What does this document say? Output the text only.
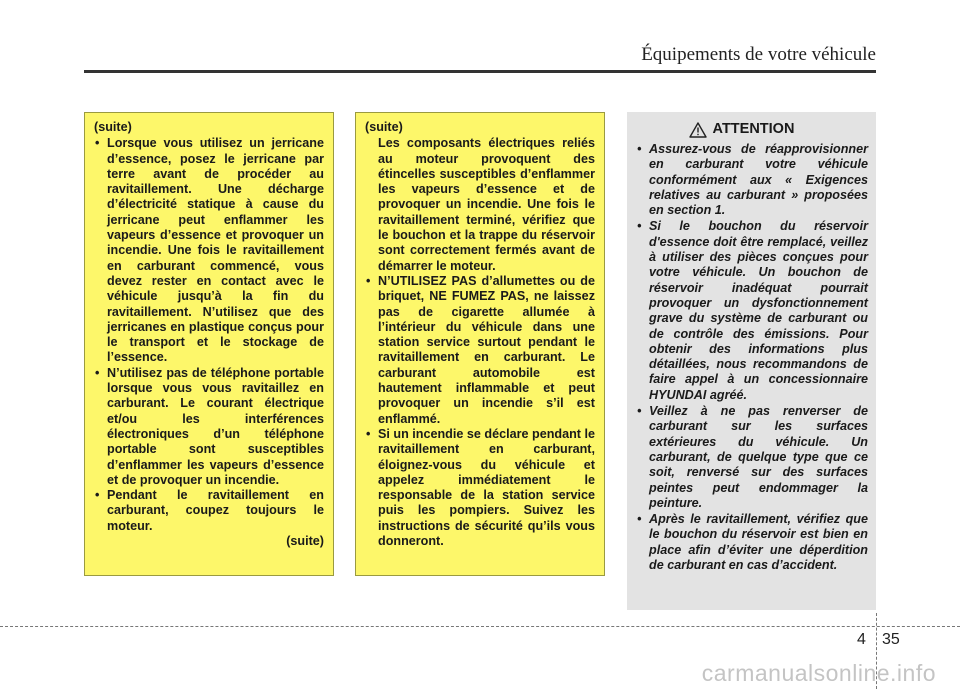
Équipements de votre véhicule
(suite)
• Lorsque vous utilisez un jerricane d’essence, posez le jerricane par terre avant de procéder au ravitaillement. Une décharge d’électricité statique à cause du jerricane peut enflammer les vapeurs d’essence et provoquer un incendie. Une fois le ravitaillement en carburant commencé, vous devez rester en contact avec le véhicule jusqu’à la fin du ravitaillement. N’utilisez que des jerricanes en plastique conçus pour le transport et le stockage de l’essence.
• N’utilisez pas de téléphone portable lorsque vous vous ravitaillez en carburant. Le courant électrique et/ou les interférences électroniques d’un téléphone portable sont susceptibles d’enflammer les vapeurs d’essence et de provoquer un incendie.
• Pendant le ravitaillement en carburant, coupez toujours le moteur.
(suite)
(suite)
Les composants électriques reliés au moteur provoquent des étincelles susceptibles d’enflammer les vapeurs d’essence et de provoquer un incendie. Une fois le ravitaillement terminé, vérifiez que le bouchon et la trappe du réservoir sont correctement fermés avant de démarrer le moteur.
• N’UTILISEZ PAS d’allumettes ou de briquet, NE FUMEZ PAS, ne laissez pas de cigarette allumée à l’intérieur du véhicule dans une station service surtout pendant le ravitaillement en carburant. Le carburant automobile est hautement inflammable et peut provoquer un incendie s’il est enflammé.
• Si un incendie se déclare pendant le ravitaillement en carburant, éloignez-vous du véhicule et appelez immédiatement le responsable de la station service puis les pompiers. Suivez les instructions de sécurité qu’ils vous donneront.
ATTENTION
• Assurez-vous de réapprovisionner en carburant votre véhicule conformément aux « Exigences relatives au carburant » proposées en section 1.
• Si le bouchon du réservoir d'essence doit être remplacé, veillez à utiliser des pièces conçues pour votre véhicule. Un bouchon de réservoir inadéquat pourrait provoquer un dysfonctionnement grave du système de carburant ou de contrôle des émissions. Pour obtenir des informations plus détaillées, nous recommandons de faire appel à un concessionnaire HYUNDAI agréé.
• Veillez à ne pas renverser de carburant sur les surfaces extérieures du véhicule. Un carburant, de quelque type que ce soit, renversé sur des surfaces peintes peut endommager la peinture.
• Après le ravitaillement, vérifiez que le bouchon du réservoir est bien en place afin d’éviter une déperdition de carburant en cas d’accident.
4 35
carmanualsonline.info
